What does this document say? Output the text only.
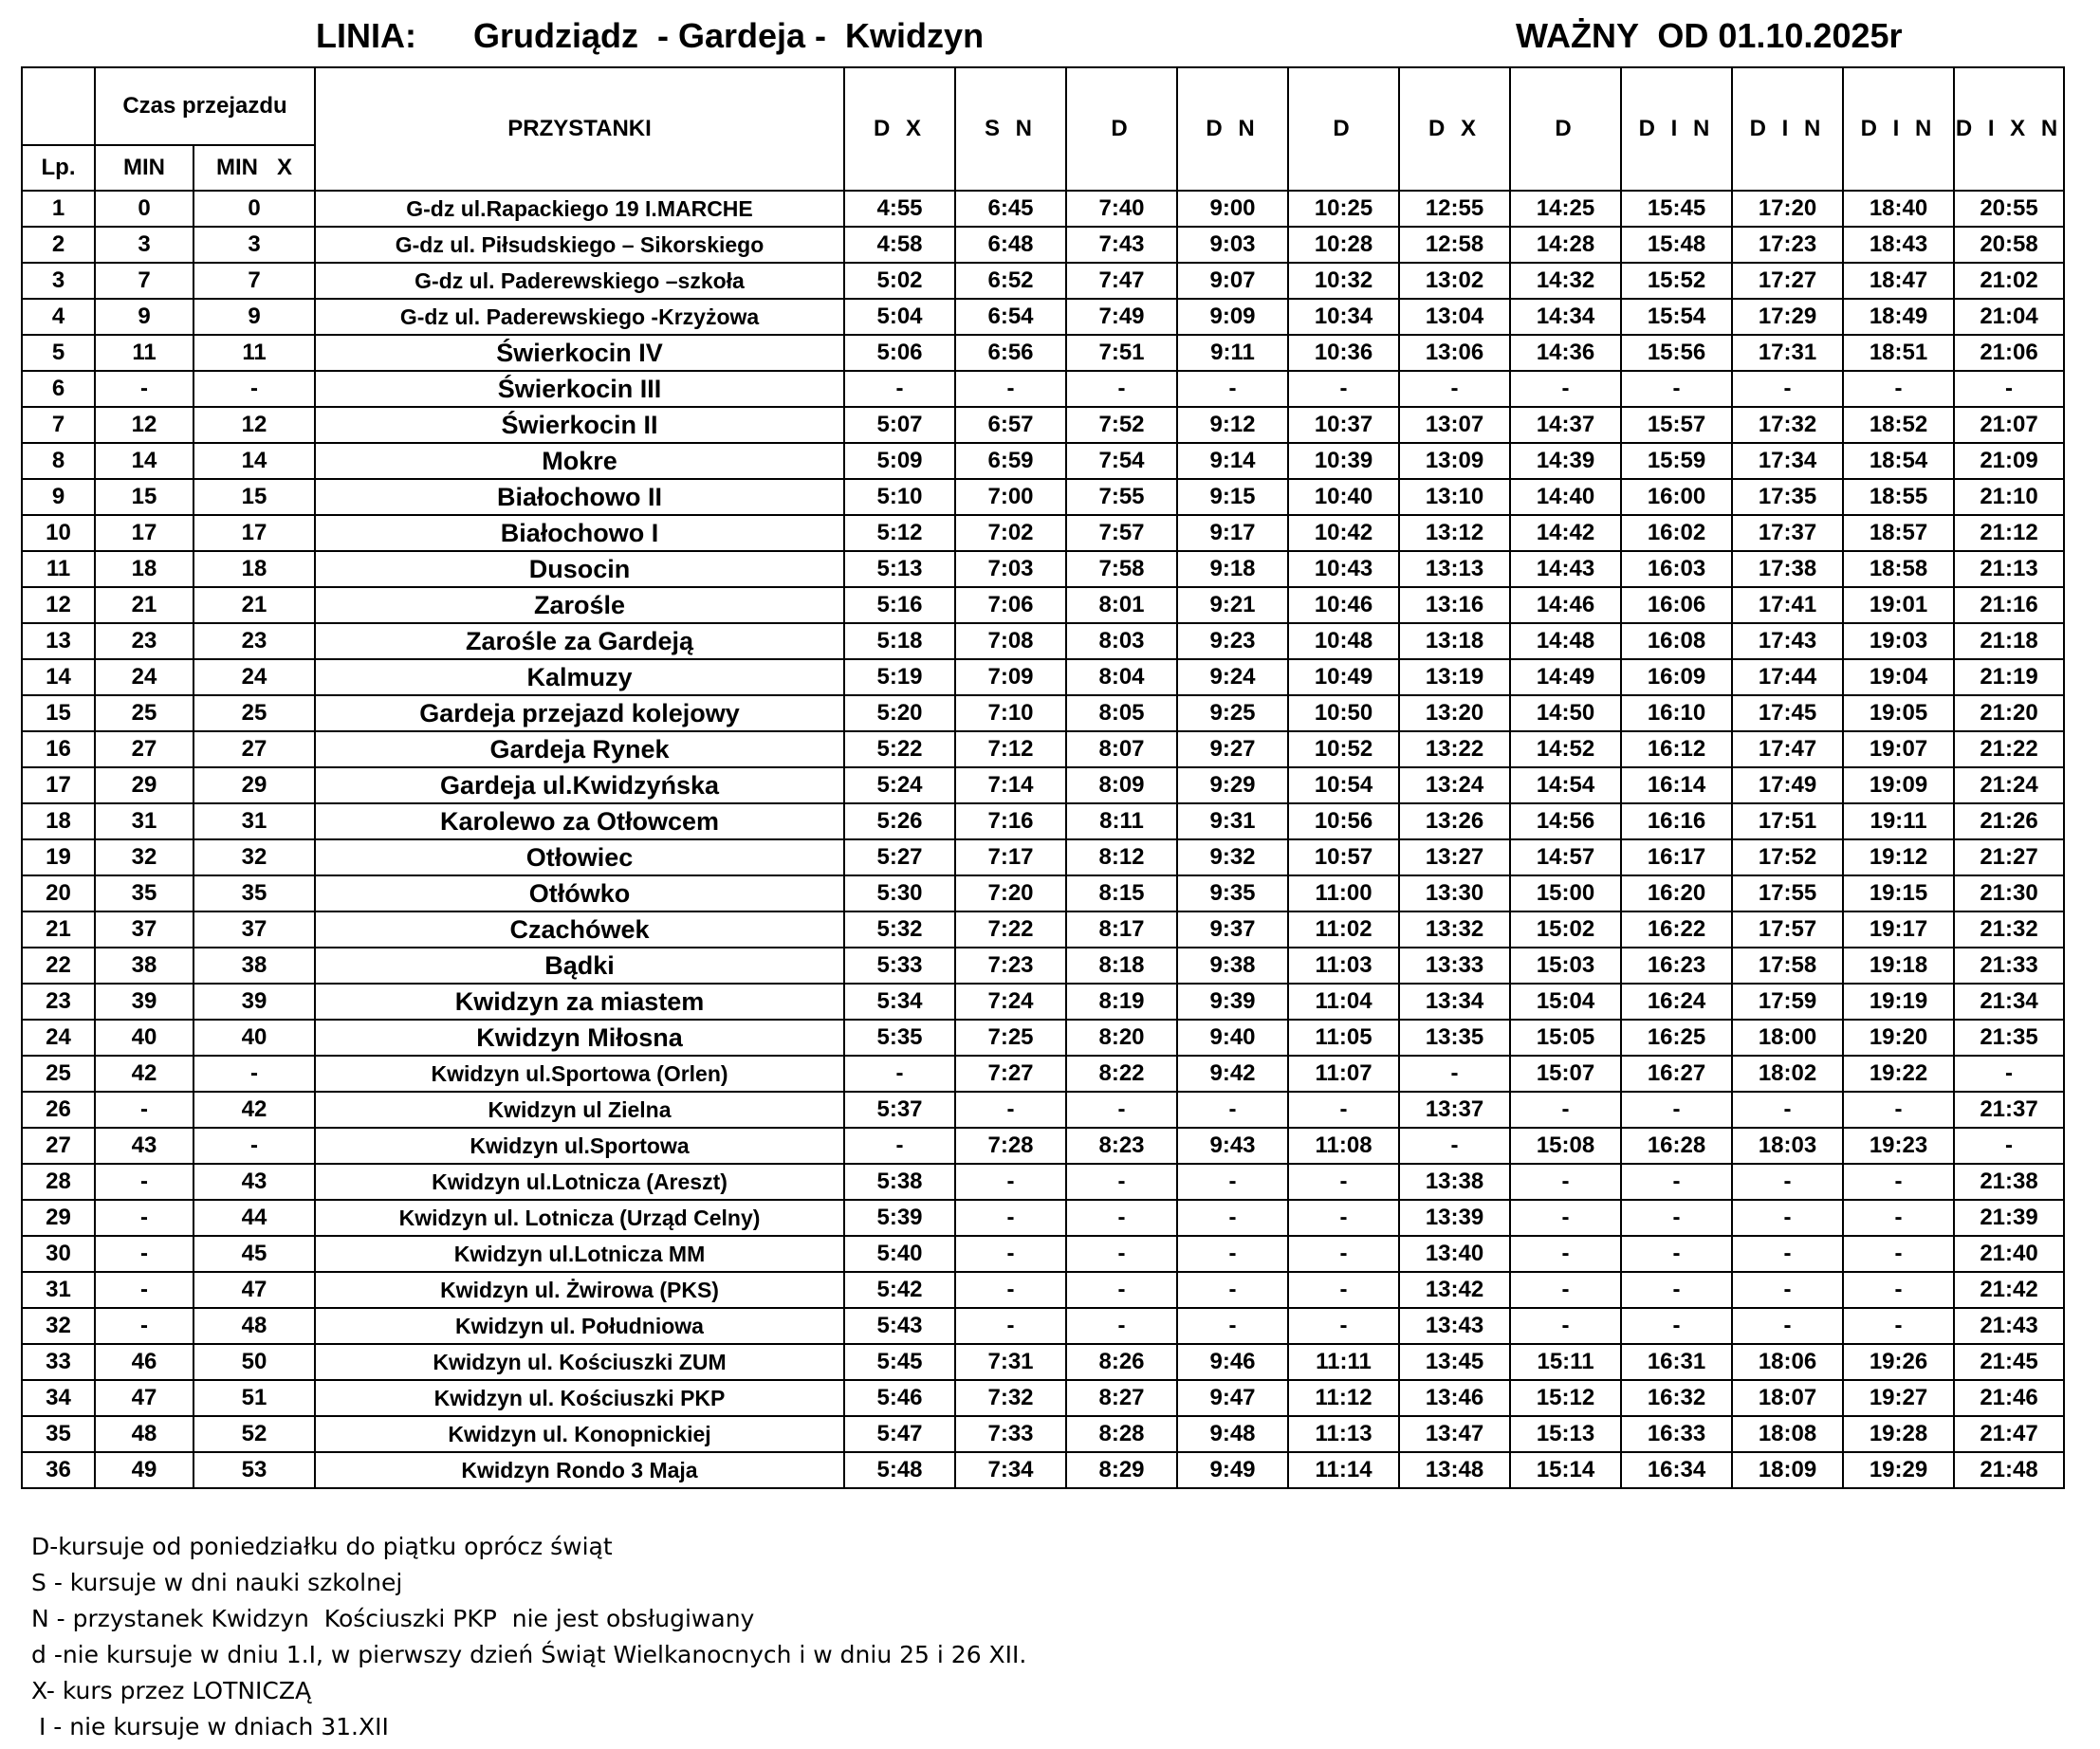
LINIA:      Grudziądz  - Gardeja -  Kwidzyn	WAŻNY  OD 01.10.2025r
	Czas przejazdu		PRZYSTANKI	D X	S N	D	D N	D	D X	D	D I N	D I N	D I N	D I X N
Lp.	MIN	MIN   X												
1	0	0	G-dz ul.Rapackiego 19 I.MARCHE	4:55	6:45	7:40	9:00	10:25	12:55	14:25	15:45	17:20	18:40	20:55
2	3	3	G-dz ul. Piłsudskiego – Sikorskiego	4:58	6:48	7:43	9:03	10:28	12:58	14:28	15:48	17:23	18:43	20:58
3	7	7	G-dz ul. Paderewskiego –szkoła	5:02	6:52	7:47	9:07	10:32	13:02	14:32	15:52	17:27	18:47	21:02
4	9	9	G-dz ul. Paderewskiego -Krzyżowa	5:04	6:54	7:49	9:09	10:34	13:04	14:34	15:54	17:29	18:49	21:04
5	11	11	Świerkocin IV	5:06	6:56	7:51	9:11	10:36	13:06	14:36	15:56	17:31	18:51	21:06
6	-	-	Świerkocin III	-	-	-	-	-	-	-	-	-	-	-
7	12	12	Świerkocin II	5:07	6:57	7:52	9:12	10:37	13:07	14:37	15:57	17:32	18:52	21:07
8	14	14	Mokre	5:09	6:59	7:54	9:14	10:39	13:09	14:39	15:59	17:34	18:54	21:09
9	15	15	Białochowo II	5:10	7:00	7:55	9:15	10:40	13:10	14:40	16:00	17:35	18:55	21:10
10	17	17	Białochowo I	5:12	7:02	7:57	9:17	10:42	13:12	14:42	16:02	17:37	18:57	21:12
11	18	18	Dusocin	5:13	7:03	7:58	9:18	10:43	13:13	14:43	16:03	17:38	18:58	21:13
12	21	21	Zarośle	5:16	7:06	8:01	9:21	10:46	13:16	14:46	16:06	17:41	19:01	21:16
13	23	23	Zarośle za Gardeją	5:18	7:08	8:03	9:23	10:48	13:18	14:48	16:08	17:43	19:03	21:18
14	24	24	Kalmuzy	5:19	7:09	8:04	9:24	10:49	13:19	14:49	16:09	17:44	19:04	21:19
15	25	25	Gardeja przejazd kolejowy	5:20	7:10	8:05	9:25	10:50	13:20	14:50	16:10	17:45	19:05	21:20
16	27	27	Gardeja Rynek	5:22	7:12	8:07	9:27	10:52	13:22	14:52	16:12	17:47	19:07	21:22
17	29	29	Gardeja ul.Kwidzyńska	5:24	7:14	8:09	9:29	10:54	13:24	14:54	16:14	17:49	19:09	21:24
18	31	31	Karolewo za Otłowcem	5:26	7:16	8:11	9:31	10:56	13:26	14:56	16:16	17:51	19:11	21:26
19	32	32	Otłowiec	5:27	7:17	8:12	9:32	10:57	13:27	14:57	16:17	17:52	19:12	21:27
20	35	35	Otłówko	5:30	7:20	8:15	9:35	11:00	13:30	15:00	16:20	17:55	19:15	21:30
21	37	37	Czachówek	5:32	7:22	8:17	9:37	11:02	13:32	15:02	16:22	17:57	19:17	21:32
22	38	38	Bądki	5:33	7:23	8:18	9:38	11:03	13:33	15:03	16:23	17:58	19:18	21:33
23	39	39	Kwidzyn za miastem	5:34	7:24	8:19	9:39	11:04	13:34	15:04	16:24	17:59	19:19	21:34
24	40	40	Kwidzyn Miłosna	5:35	7:25	8:20	9:40	11:05	13:35	15:05	16:25	18:00	19:20	21:35
25	42	-	Kwidzyn ul.Sportowa (Orlen)	-	7:27	8:22	9:42	11:07	-	15:07	16:27	18:02	19:22	-
26	-	42	Kwidzyn ul Zielna	5:37	-	-	-	-	13:37	-	-	-	-	21:37
27	43	-	Kwidzyn ul.Sportowa	-	7:28	8:23	9:43	11:08	-	15:08	16:28	18:03	19:23	-
28	-	43	Kwidzyn ul.Lotnicza (Areszt)	5:38	-	-	-	-	13:38	-	-	-	-	21:38
29	-	44	Kwidzyn ul. Lotnicza (Urząd Celny)	5:39	-	-	-	-	13:39	-	-	-	-	21:39
30	-	45	Kwidzyn ul.Lotnicza MM	5:40	-	-	-	-	13:40	-	-	-	-	21:40
31	-	47	Kwidzyn ul. Żwirowa (PKS)	5:42	-	-	-	-	13:42	-	-	-	-	21:42
32	-	48	Kwidzyn ul. Południowa	5:43	-	-	-	-	13:43	-	-	-	-	21:43
33	46	50	Kwidzyn ul. Kościuszki ZUM	5:45	7:31	8:26	9:46	11:11	13:45	15:11	16:31	18:06	19:26	21:45
34	47	51	Kwidzyn ul. Kościuszki PKP	5:46	7:32	8:27	9:47	11:12	13:46	15:12	16:32	18:07	19:27	21:46
35	48	52	Kwidzyn ul. Konopnickiej	5:47	7:33	8:28	9:48	11:13	13:47	15:13	16:33	18:08	19:28	21:47
36	49	53	Kwidzyn Rondo 3 Maja	5:48	7:34	8:29	9:49	11:14	13:48	15:14	16:34	18:09	19:29	21:48
D-kursuje od poniedziałku do piątku oprócz świąt
S - kursuje w dni nauki szkolnej
N - przystanek Kwidzyn  Kościuszki PKP  nie jest obsługiwany
d -nie kursuje w dniu 1.I, w pierwszy dzień Świąt Wielkanocnych i w dniu 25 i 26 XII.
X- kurs przez LOTNICZĄ
I - nie kursuje w dniach 31.XII
